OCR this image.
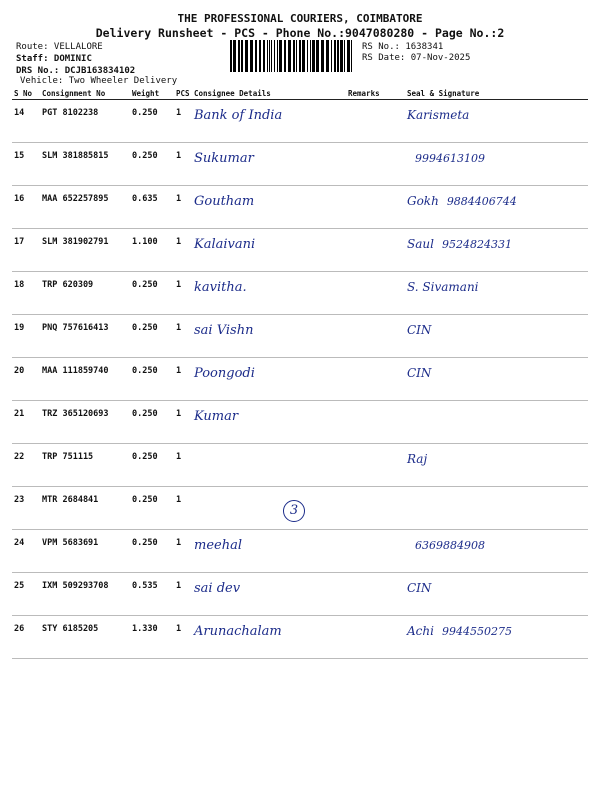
THE PROFESSIONAL COURIERS, COIMBATORE
Delivery Runsheet - PCS - Phone No.:9047080280 - Page No.:2
Route: VELLALORE
Staff: DOMINIC
DRS No.: DCJB163834102
Vehicle: Two Wheeler Delivery
RS No.: 1638341
RS Date: 07-Nov-2025
S No	Consignment No	Weight	PCS	Consignee Details	Remarks	Seal & Signature
14	PGT 8102238	0.250	1	Bank of India		Karismeta
15	SLM 381885815	0.250	1	Sukumar		9994613109
16	MAA 652257895	0.635	1	Goutham		Gokh 9884406744
17	SLM 381902791	1.100	1	Kalaivani		Saul 9524824331
18	TRP 620309	0.250	1	kavitha.		S. Sivamani
19	PNQ 757616413	0.250	1	sai Vishn		CIN
20	MAA 111859740	0.250	1	Poongodi		CIN
21	TRZ 365120693	0.250	1	Kumar		
22	TRP 751115	0.250	1			Raj
23	MTR 2684841	0.250	1			
24	VPM 5683691	0.250	1	meehal		6369884908
25	IXM 509293708	0.535	1	sai dev		CIN
26	STY 6185205	1.330	1	Arunachalam		Achi 9944550275
3
